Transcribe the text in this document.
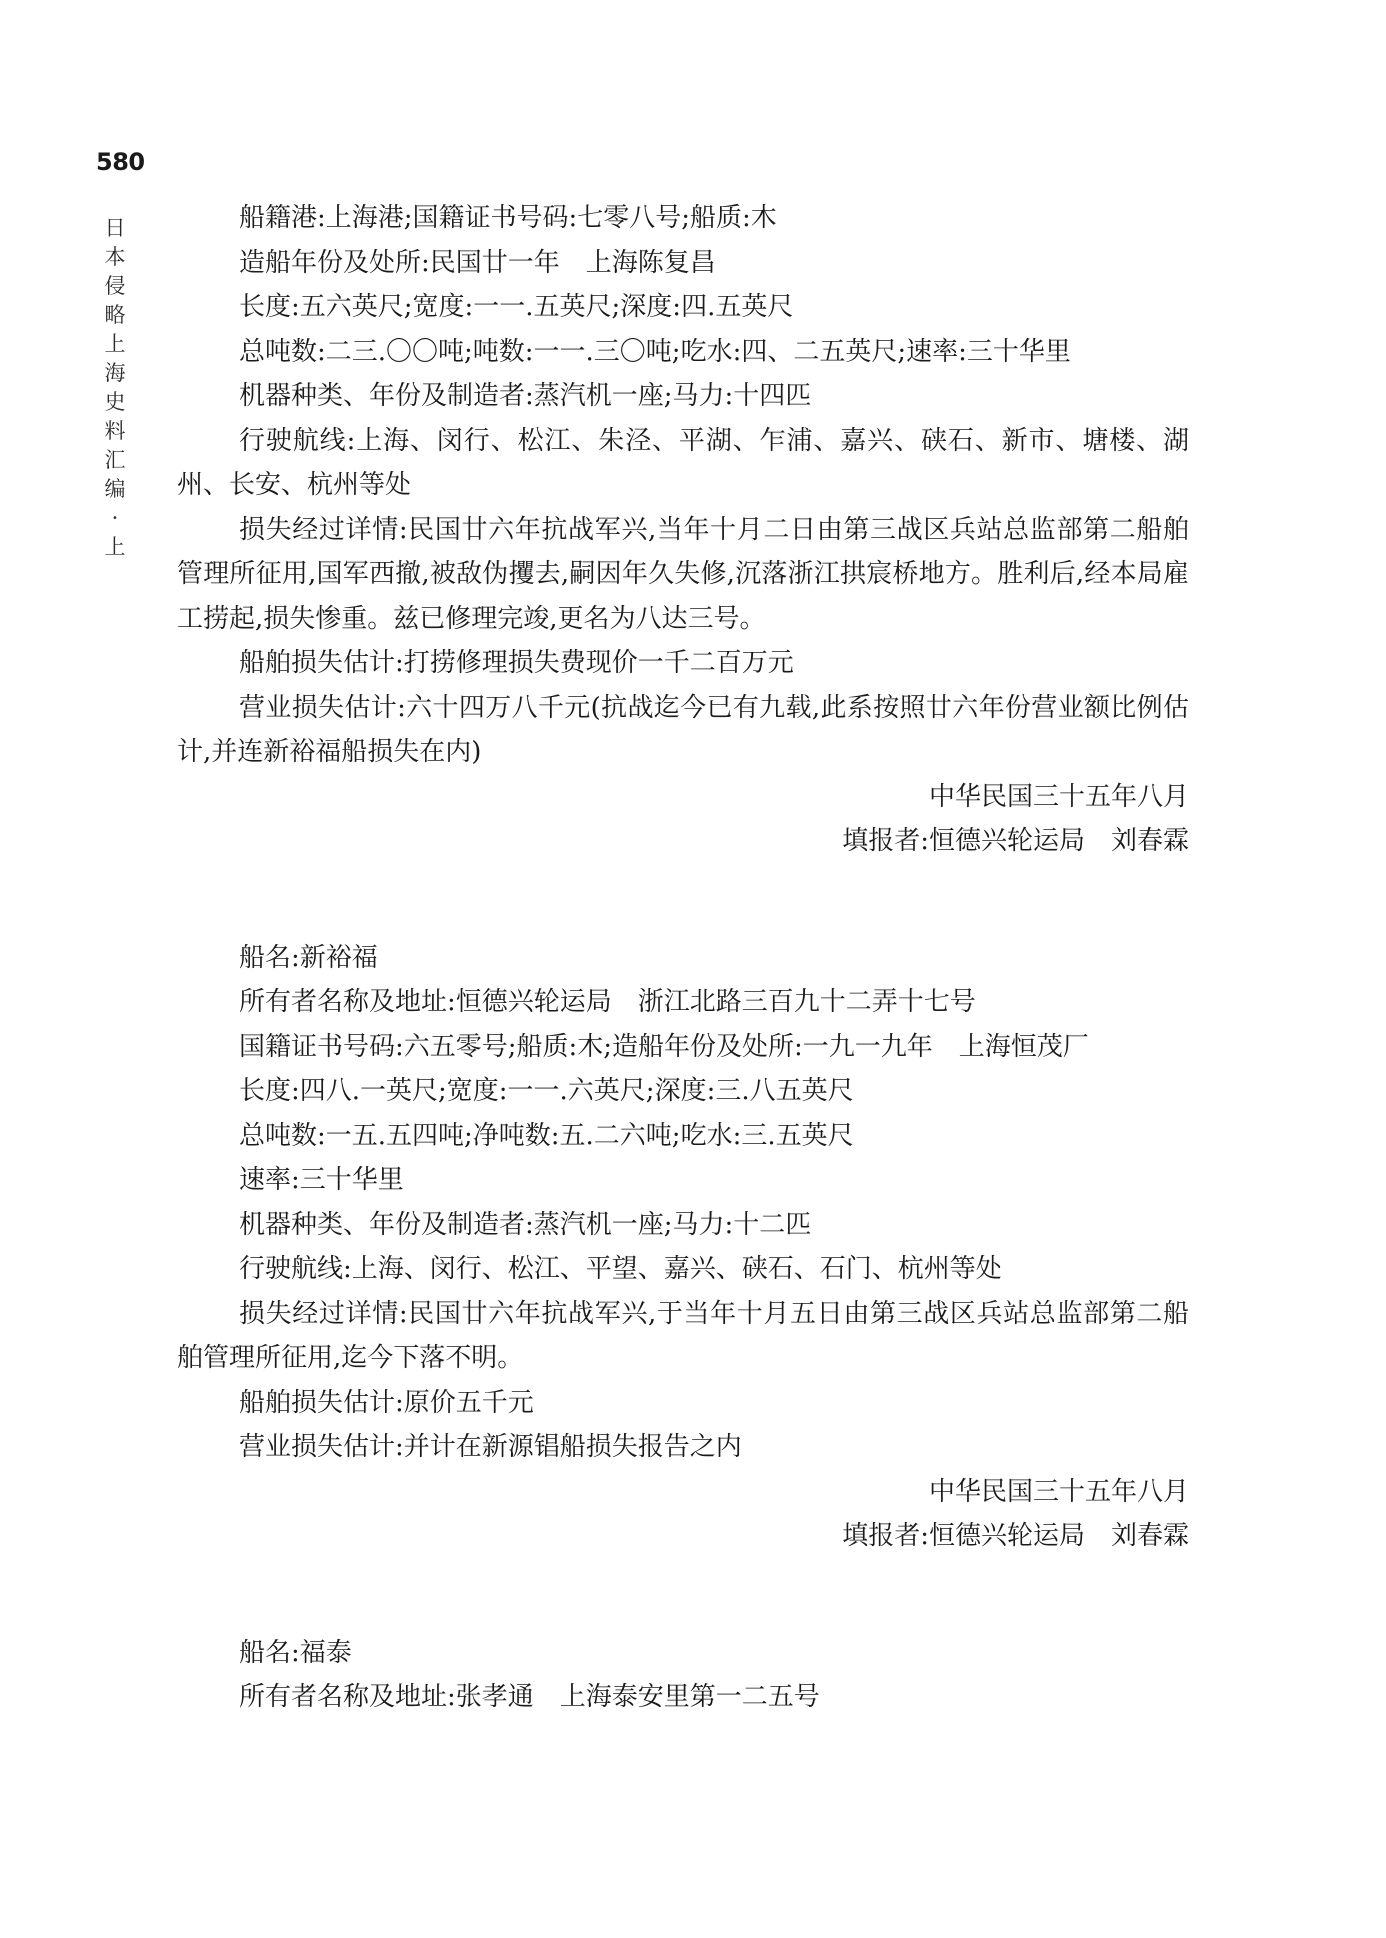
580
日
本
侵
略
上
海
史
料
汇
编
·
上

船籍港:上海港;国籍证书号码:七零八号;船质:木

造船年份及处所:民国廿一年　上海陈复昌

长度:五六英尺;宽度:一一.五英尺;深度:四.五英尺

总吨数:二三.〇〇吨;吨数:一一.三〇吨;吃水:四、二五英尺;速率:三十华里

机器种类、年份及制造者:蒸汽机一座;马力:十四匹

行驶航线:上海、闵行、松江、朱泾、平湖、乍浦、嘉兴、硖石、新市、塘楼、湖州、长安、杭州等处

损失经过详情:民国廿六年抗战军兴,当年十月二日由第三战区兵站总监部第二船舶管理所征用,国军西撤,被敌伪攫去,嗣因年久失修,沉落浙江拱宸桥地方。胜利后,经本局雇工捞起,损失惨重。兹已修理完竣,更名为八达三号。

船舶损失估计:打捞修理损失费现价一千二百万元

营业损失估计:六十四万八千元(抗战迄今已有九载,此系按照廿六年份营业额比例估计,并连新裕福船损失在内)

中华民国三十五年八月

填报者:恒德兴轮运局　刘春霖

船名:新裕福

所有者名称及地址:恒德兴轮运局　浙江北路三百九十二弄十七号

国籍证书号码:六五零号;船质:木;造船年份及处所:一九一九年　上海恒茂厂

长度:四八.一英尺;宽度:一一.六英尺;深度:三.八五英尺

总吨数:一五.五四吨;净吨数:五.二六吨;吃水:三.五英尺

速率:三十华里

机器种类、年份及制造者:蒸汽机一座;马力:十二匹

行驶航线:上海、闵行、松江、平望、嘉兴、硖石、石门、杭州等处

损失经过详情:民国廿六年抗战军兴,于当年十月五日由第三战区兵站总监部第二船舶管理所征用,迄今下落不明。

船舶损失估计:原价五千元

营业损失估计:并计在新源锠船损失报告之内

中华民国三十五年八月

填报者:恒德兴轮运局　刘春霖

船名:福泰

所有者名称及地址:张孝通　上海泰安里第一二五号
